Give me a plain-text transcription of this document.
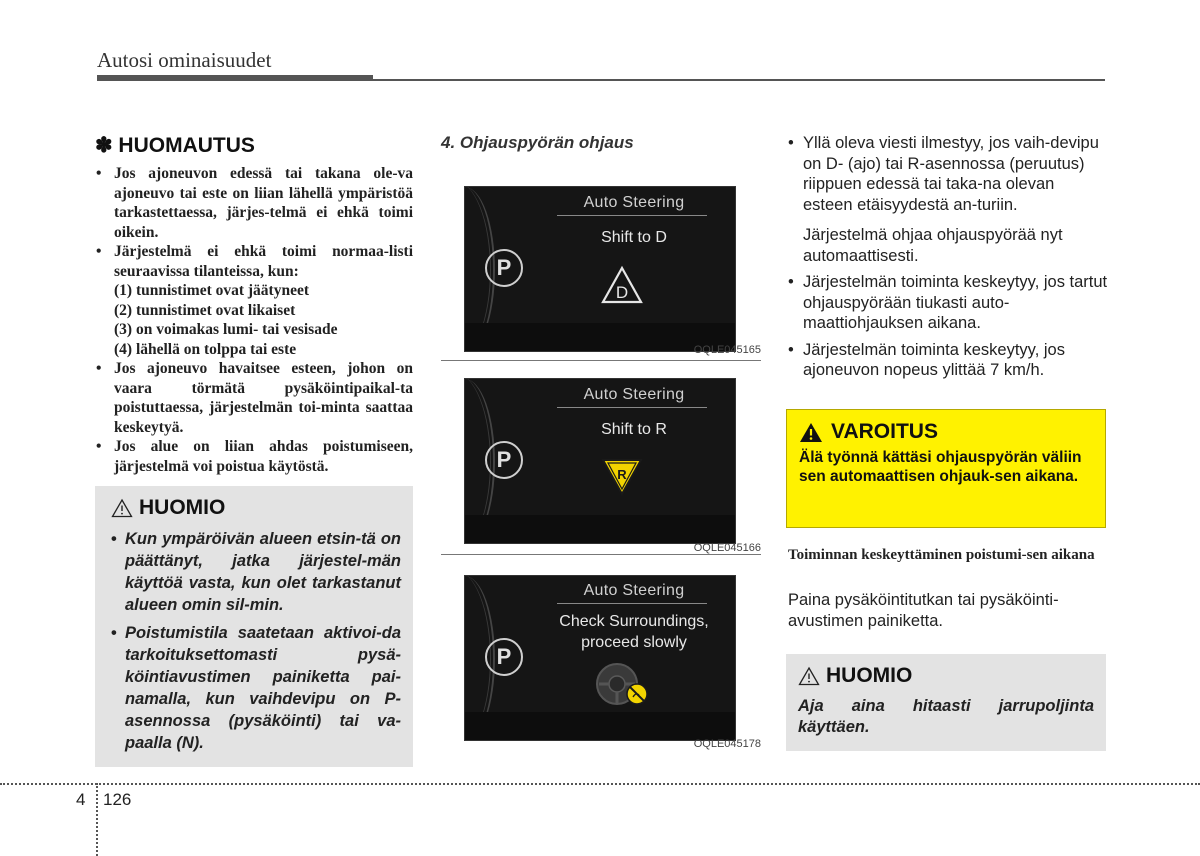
Autosi ominaisuudet
✽ HUOMAUTUS
• Jos ajoneuvon edessä tai takana ole-va ajoneuvo tai este on liian lähellä ympäristöä tarkastettaessa, järjes-telmä ei ehkä toimi oikein.
• Järjestelmä ei ehkä toimi normaa-listi seuraavissa tilanteissa, kun:
(1) tunnistimet ovat jäätyneet
(2) tunnistimet ovat likaiset
(3) on voimakas lumi- tai vesisade
(4) lähellä on tolppa tai este
• Jos ajoneuvo havaitsee esteen, johon on vaara törmätä pysäköintipaikal-ta poistuttaessa, järjestelmän toi-minta saattaa keskeytyä.
• Jos alue on liian ahdas poistumiseen, järjestelmä voi poistua käytöstä.
HUOMIO
• Kun ympäröivän alueen etsin-tä on päättänyt, jatka järjestel-män käyttöä vasta, kun olet tarkastanut alueen omin sil-min.
• Poistumistila saatetaan aktivoi-da tarkoituksettomasti pysä-köintiavustimen painiketta pai-namalla, kun vaihdevipu on P-asennossa (pysäköinti) tai va-paalla (N).
4. Ohjauspyörän ohjaus
P
Auto Steering
Shift to D
D
OQLE045165
P
Auto Steering
Shift to R
R
OQLE045166
P
Auto Steering
Check Surroundings,
proceed slowly
OQLE045178
• Yllä oleva viesti ilmestyy, jos vaih-devipu on D- (ajo) tai R-asennossa (peruutus) riippuen edessä tai taka-na olevan esteen etäisyydestä an-turiin.
Järjestelmä ohjaa ohjauspyörää nyt automaattisesti.
• Järjestelmän toiminta keskeytyy, jos tartut ohjauspyörään tiukasti auto-maattiohjauksen aikana.
• Järjestelmän toiminta keskeytyy, jos ajoneuvon nopeus ylittää 7 km/h.
VAROITUS
Älä työnnä kättäsi ohjauspyörän väliin sen automaattisen ohjauk-sen aikana.
Toiminnan keskeyttäminen poistumi-sen aikana
Paina pysäköintitutkan tai pysäköinti-avustimen painiketta.
HUOMIO
Aja aina hitaasti jarrupoljinta käyttäen.
4 126
